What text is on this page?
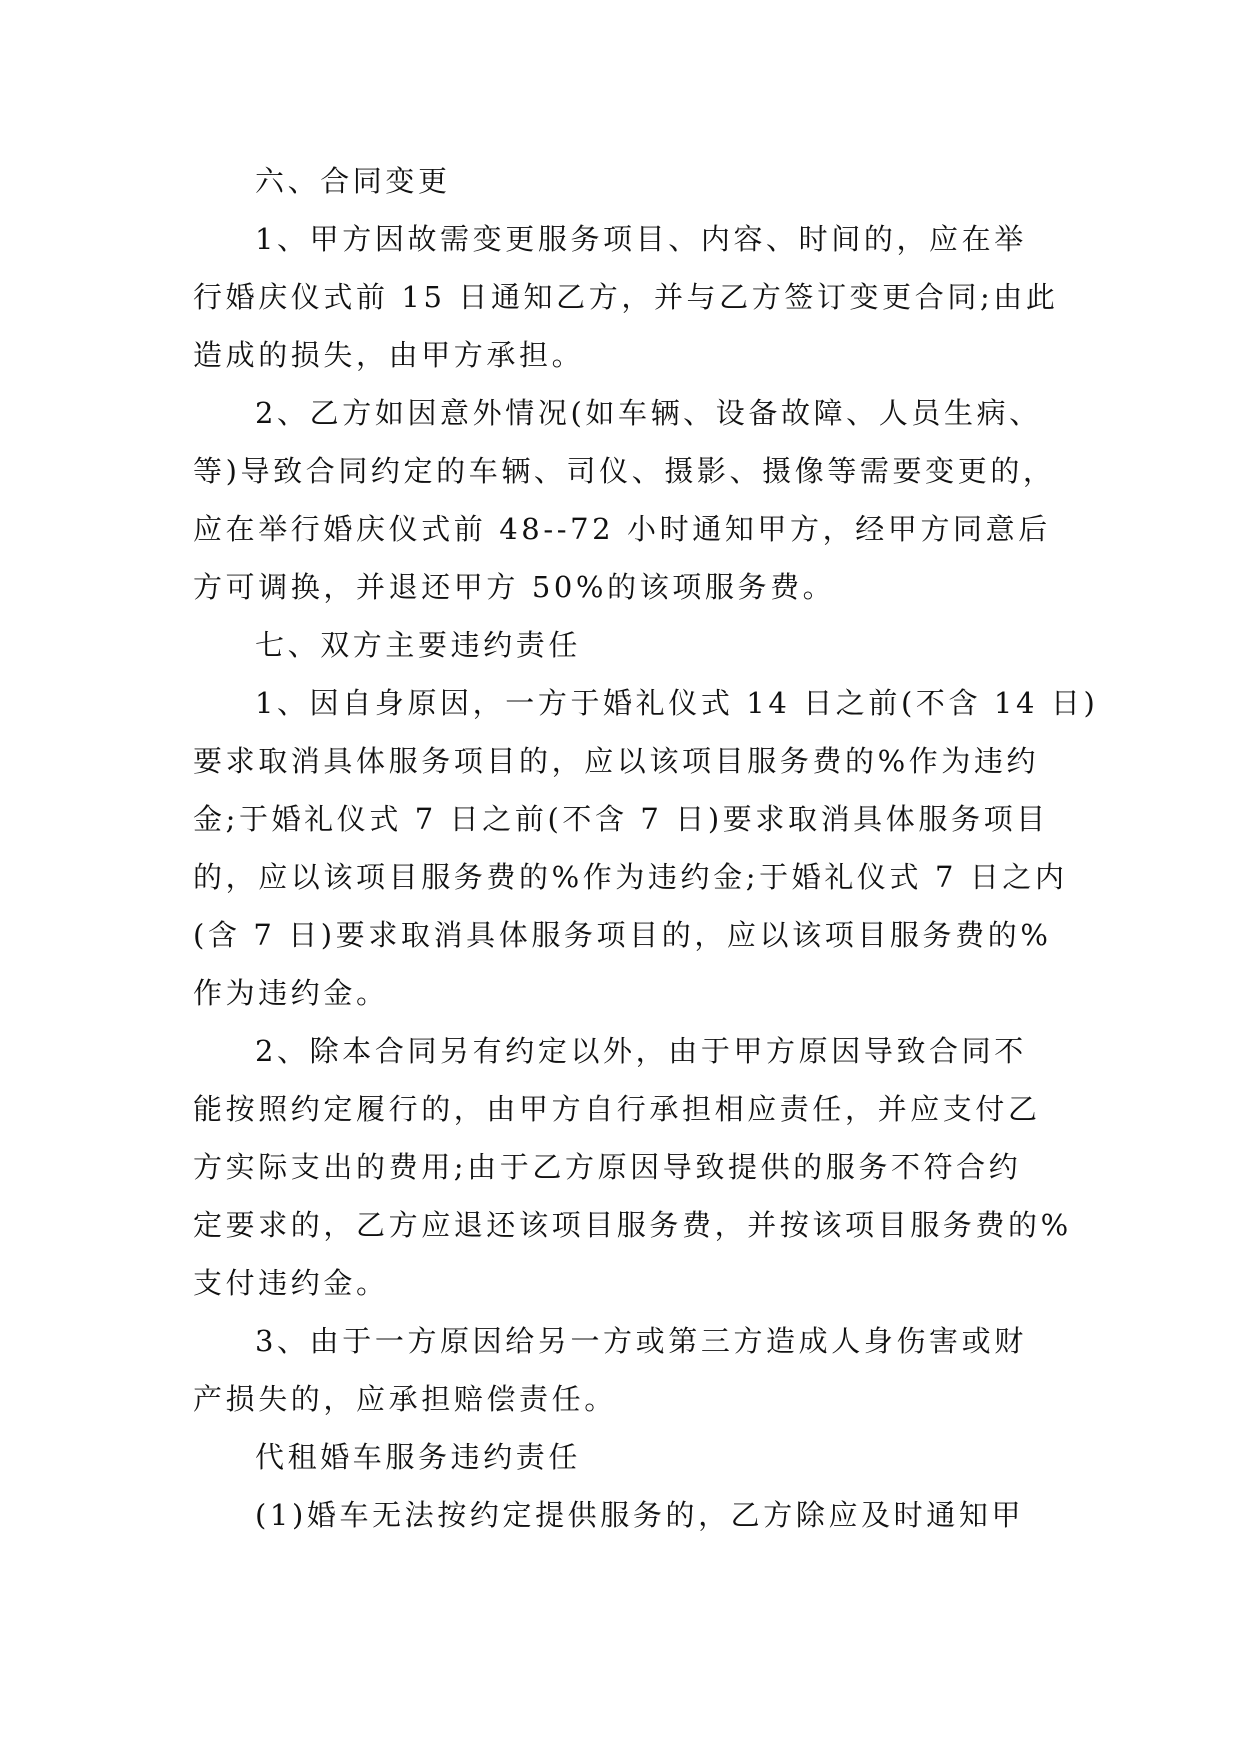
六、合同变更
1、甲方因故需变更服务项目、内容、时间的，应在举
行婚庆仪式前 15 日通知乙方，并与乙方签订变更合同;由此
造成的损失，由甲方承担。
2、乙方如因意外情况(如车辆、设备故障、人员生病、
等)导致合同约定的车辆、司仪、摄影、摄像等需要变更的，
应在举行婚庆仪式前 48--72 小时通知甲方，经甲方同意后
方可调换，并退还甲方 50%的该项服务费。
七、双方主要违约责任
1、因自身原因，一方于婚礼仪式 14 日之前(不含 14 日)
要求取消具体服务项目的，应以该项目服务费的%作为违约
金;于婚礼仪式 7 日之前(不含 7 日)要求取消具体服务项目
的，应以该项目服务费的%作为违约金;于婚礼仪式 7 日之内
(含 7 日)要求取消具体服务项目的，应以该项目服务费的%
作为违约金。
2、除本合同另有约定以外，由于甲方原因导致合同不
能按照约定履行的，由甲方自行承担相应责任，并应支付乙
方实际支出的费用;由于乙方原因导致提供的服务不符合约
定要求的，乙方应退还该项目服务费，并按该项目服务费的%
支付违约金。
3、由于一方原因给另一方或第三方造成人身伤害或财
产损失的，应承担赔偿责任。
代租婚车服务违约责任
(1)婚车无法按约定提供服务的，乙方除应及时通知甲
